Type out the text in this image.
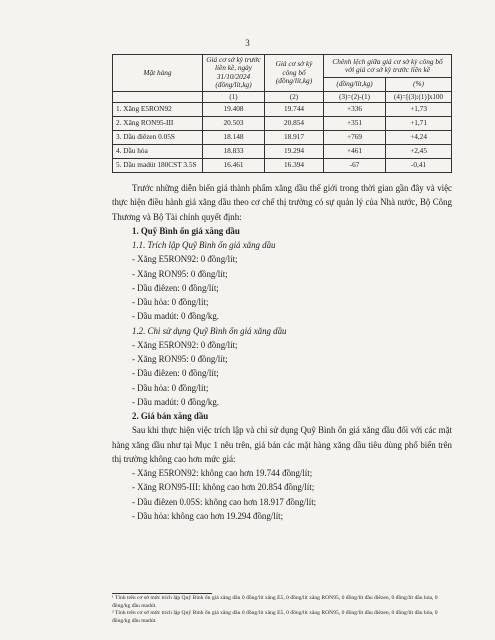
3
Mặt hàng	Giá cơ sở kỳ trước liền kề, ngày 31/10/2024 (đồng/lít,kg)	Giá cơ sở kỳ công bố (đồng/lít,kg)	Chênh lệch giữa giá cơ sở kỳ công bố với giá cơ sở kỳ trước liền kề	
			(đồng/lít,kg)	(%)
	(1)	(2)	(3)=(2)-(1)	(4)=[(3):(1)]x100
1. Xăng E5RON92	19.408	19.744	+336	+1,73
2. Xăng RON95-III	20.503	20.854	+351	+1,71
3. Dầu điêzen 0.05S	18.148	18.917	+769	+4,24
4. Dầu hỏa	18.833	19.294	+461	+2,45
5. Dầu madút 180CST 3.5S	16.461	16.394	-67	-0,41

Trước những diễn biến giá thành phẩm xăng dầu thế giới trong thời gian gần đây và việc thực hiện điều hành giá xăng dầu theo cơ chế thị trường có sự quản lý của Nhà nước, Bộ Công Thương và Bộ Tài chính quyết định:

1. Quỹ Bình ổn giá xăng dầu

1.1. Trích lập Quỹ Bình ổn giá xăng dầu

- Xăng E5RON92: 0 đồng/lít;

- Xăng RON95: 0 đồng/lít;

- Dầu điêzen: 0 đồng/lít;

- Dầu hỏa: 0 đồng/lít;

- Dầu madút: 0 đồng/kg.

1.2. Chi sử dụng Quỹ Bình ổn giá xăng dầu

- Xăng E5RON92: 0 đồng/lít;

- Xăng RON95: 0 đồng/lít;

- Dầu điêzen: 0 đồng/lít;

- Dầu hỏa: 0 đồng/lít;

- Dầu madút: 0 đồng/kg.

2. Giá bán xăng dầu

Sau khi thực hiện việc trích lập và chi sử dụng Quỹ Bình ổn giá xăng dầu đối với các mặt hàng xăng dầu như tại Mục 1 nêu trên, giá bán các mặt hàng xăng dầu tiêu dùng phổ biến trên thị trường không cao hơn mức giá:

- Xăng E5RON92: không cao hơn 19.744 đồng/lít;

- Xăng RON95-III: không cao hơn 20.854 đồng/lít;

- Dầu điêzen 0.05S: không cao hơn 18.917 đồng/lít;

- Dầu hỏa: không cao hơn 19.294 đồng/lít;

¹ Tính trên cơ sở mức trích lập Quỹ Bình ổn giá xăng dầu 0 đồng/lít xăng E5, 0 đồng/lít xăng RON95, 0 đồng/lít dầu điêzen, 0 đồng/lít dầu hỏa, 0 đồng/kg dầu madút.

² Tính trên cơ sở mức trích lập Quỹ Bình ổn giá xăng dầu 0 đồng/lít xăng E5, 0 đồng/lít xăng RON95, 0 đồng/lít dầu điêzen, 0 đồng/lít dầu hỏa, 0 đồng/kg dầu madút.
